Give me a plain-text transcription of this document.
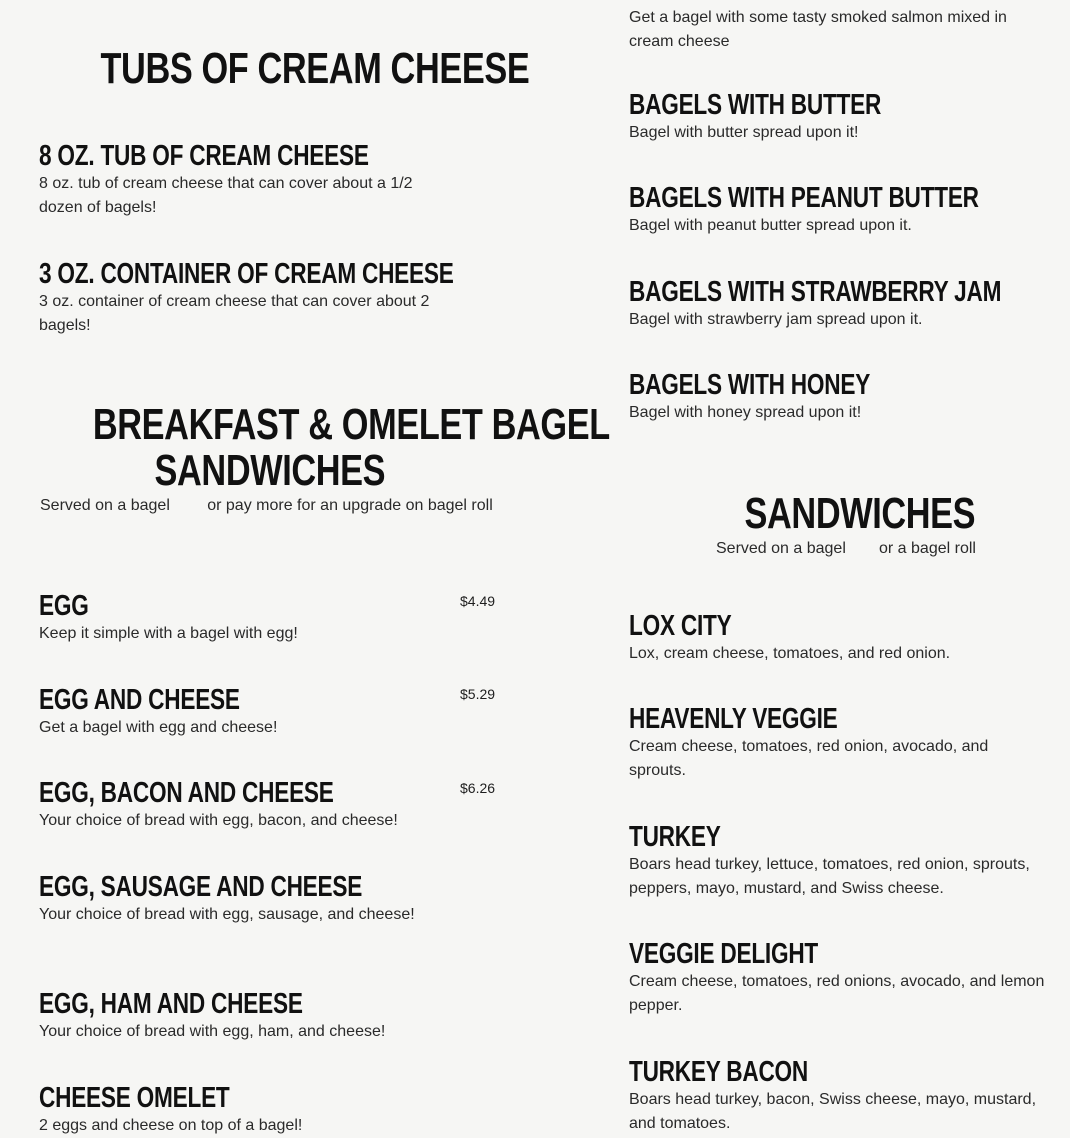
TUBS OF CREAM CHEESE
8 OZ. TUB OF CREAM CHEESE
8 oz. tub of cream cheese that can cover about a 1/2 dozen of bagels!
3 OZ. CONTAINER OF CREAM CHEESE
3 oz. container of cream cheese that can cover about 2 bagels!
BREAKFAST & OMELET BAGEL
SANDWICHES
Served on a bagel	or pay more for an upgrade on bagel roll
EGG
Keep it simple with a bagel with egg!
$4.49
EGG AND CHEESE
Get a bagel with egg and cheese!
$5.29
EGG, BACON AND CHEESE
Your choice of bread with egg, bacon, and cheese!
$6.26
EGG, SAUSAGE AND CHEESE
Your choice of bread with egg, sausage, and cheese!
EGG, HAM AND CHEESE
Your choice of bread with egg, ham, and cheese!
CHEESE OMELET
2 eggs and cheese on top of a bagel!
Get a bagel with some tasty smoked salmon mixed in cream cheese
BAGELS WITH BUTTER
Bagel with butter spread upon it!
BAGELS WITH PEANUT BUTTER
Bagel with peanut butter spread upon it.
BAGELS WITH STRAWBERRY JAM
Bagel with strawberry jam spread upon it.
BAGELS WITH HONEY
Bagel with honey spread upon it!
SANDWICHES
Served on a bagel	or a bagel roll
LOX CITY
Lox, cream cheese, tomatoes, and red onion.
HEAVENLY VEGGIE
Cream cheese, tomatoes, red onion, avocado, and sprouts.
TURKEY
Boars head turkey, lettuce, tomatoes, red onion, sprouts, peppers, mayo, mustard, and Swiss cheese.
VEGGIE DELIGHT
Cream cheese, tomatoes, red onions, avocado, and lemon pepper.
TURKEY BACON
Boars head turkey, bacon, Swiss cheese, mayo, mustard, and tomatoes.
